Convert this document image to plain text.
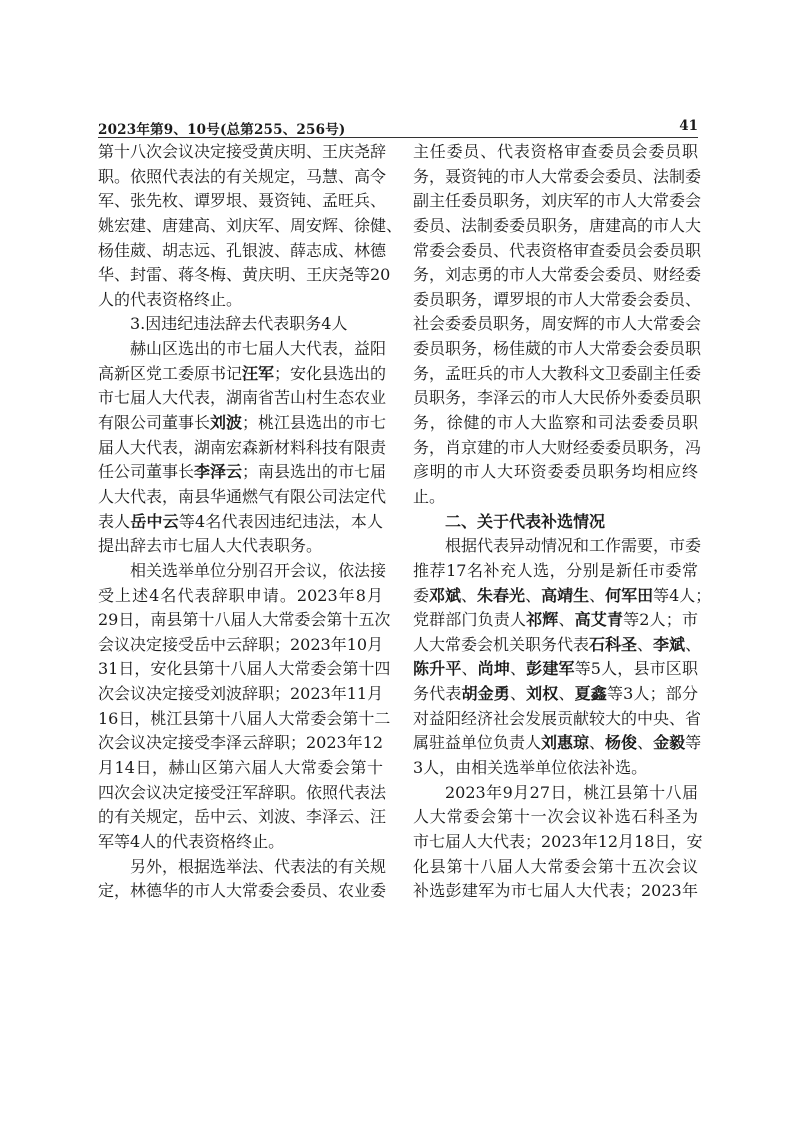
2023年第9、10号(总第255、256号)	41
第十八次会议决定接受黄庆明、王庆尧辞
职。依照代表法的有关规定，马慧、高令
军、张先枚、谭罗垠、聂资钝、孟旺兵、
姚宏建、唐建高、刘庆军、周安辉、徐健、
杨佳葳、胡志远、孔银波、薛志成、林德
华、封雷、蒋冬梅、黄庆明、王庆尧等20
人的代表资格终止。
3.因违纪违法辞去代表职务4人
赫山区选出的市七届人大代表，益阳
高新区党工委原书记汪军；安化县选出的
市七届人大代表，湖南省苦山村生态农业
有限公司董事长刘波；桃江县选出的市七
届人大代表，湖南宏森新材料科技有限责
任公司董事长李泽云；南县选出的市七届
人大代表，南县华通燃气有限公司法定代
表人岳中云等4名代表因违纪违法，本人
提出辞去市七届人大代表职务。
相关选举单位分别召开会议，依法接
受上述4名代表辞职申请。2023年8月
29日，南县第十八届人大常委会第十五次
会议决定接受岳中云辞职；2023年10月
31日，安化县第十八届人大常委会第十四
次会议决定接受刘波辞职；2023年11月
16日，桃江县第十八届人大常委会第十二
次会议决定接受李泽云辞职；2023年12
月14日，赫山区第六届人大常委会第十
四次会议决定接受汪军辞职。依照代表法
的有关规定，岳中云、刘波、李泽云、汪
军等4人的代表资格终止。
另外，根据选举法、代表法的有关规
定，林德华的市人大常委会委员、农业委
主任委员、代表资格审查委员会委员职
务，聂资钝的市人大常委会委员、法制委
副主任委员职务，刘庆军的市人大常委会
委员、法制委委员职务，唐建高的市人大
常委会委员、代表资格审查委员会委员职
务，刘志勇的市人大常委会委员、财经委
委员职务，谭罗垠的市人大常委会委员、
社会委委员职务，周安辉的市人大常委会
委员职务，杨佳葳的市人大常委会委员职
务，孟旺兵的市人大教科文卫委副主任委
员职务，李泽云的市人大民侨外委委员职
务，徐健的市人大监察和司法委委员职
务，肖京建的市人大财经委委员职务，冯
彦明的市人大环资委委员职务均相应终
止。
二、关于代表补选情况
根据代表异动情况和工作需要，市委
推荐17名补充人选，分别是新任市委常
委邓斌、朱春光、高靖生、何军田等4人；
党群部门负责人祁辉、高艾青等2人；市
人大常委会机关职务代表石科圣、李斌、
陈升平、尚坤、彭建军等5人，县市区职
务代表胡金勇、刘权、夏鑫等3人；部分
对益阳经济社会发展贡献较大的中央、省
属驻益单位负责人刘惠琼、杨俊、金毅等
3人，由相关选举单位依法补选。
2023年9月27日，桃江县第十八届
人大常委会第十一次会议补选石科圣为
市七届人大代表；2023年12月18日，安
化县第十八届人大常委会第十五次会议
补选彭建军为市七届人大代表；2023年
